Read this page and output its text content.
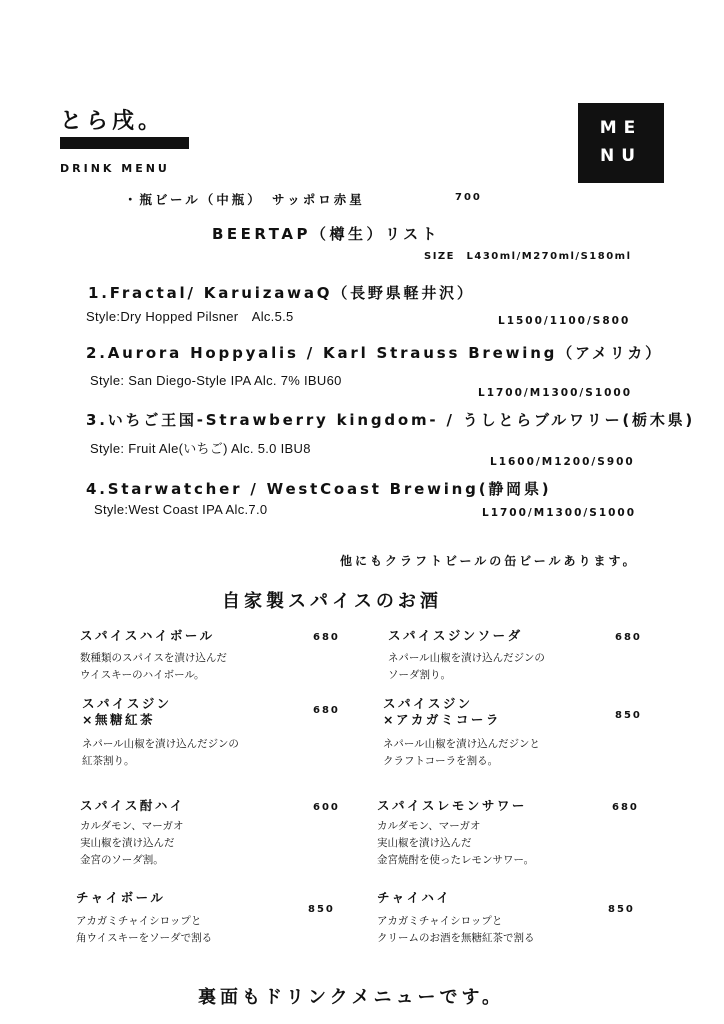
とら戌。
DRINK MENU
ME
NU
・瓶ビール（中瓶）　サッポロ赤星	700
BEERTAP（樽生）リスト
SIZE　L430ml/M270ml/S180ml
1.Fractal/ KaruizawaQ（長野県軽井沢）
Style:Dry Hopped Pilsner　Alc.5.5	L1500/1100/S800
2.Aurora Hoppyalis / Karl Strauss Brewing（アメリカ）
Style: San Diego-Style IPA Alc. 7% IBU60
L1700/M1300/S1000
3.いちご王国-Strawberry kingdom- / うしとらブルワリー(栃木県)
Style: Fruit Ale(いちご) Alc. 5.0 IBU8
L1600/M1200/S900
4.Starwatcher / WestCoast Brewing(静岡県)
Style:West Coast IPA Alc.7.0	L1700/M1300/S1000
他にもクラフトビールの缶ビールあります。
自家製スパイスのお酒
スパイスハイボール	680
数種類のスパイスを漬け込んだ
ウイスキーのハイボール。
スパイスジンソーダ	680
ネパール山椒を漬け込んだジンの
ソーダ割り。
スパイスジン
×無糖紅茶
680
ネパール山椒を漬け込んだジンの
紅茶割り。
スパイスジン
×アカガミコーラ	850
ネパール山椒を漬け込んだジンと
クラフトコーラを割る。
スパイス酎ハイ	600
カルダモン、マーガオ
実山椒を漬け込んだ
金宮のソーダ割。
スパイスレモンサワー	680
カルダモン、マーガオ
実山椒を漬け込んだ
金宮焼酎を使ったレモンサワー。
チャイボール
850
アカガミチャイシロップと
角ウイスキーをソーダで割る
チャイハイ
850
アカガミチャイシロップと
クリームのお酒を無糖紅茶で割る
裏面もドリンクメニューです。
